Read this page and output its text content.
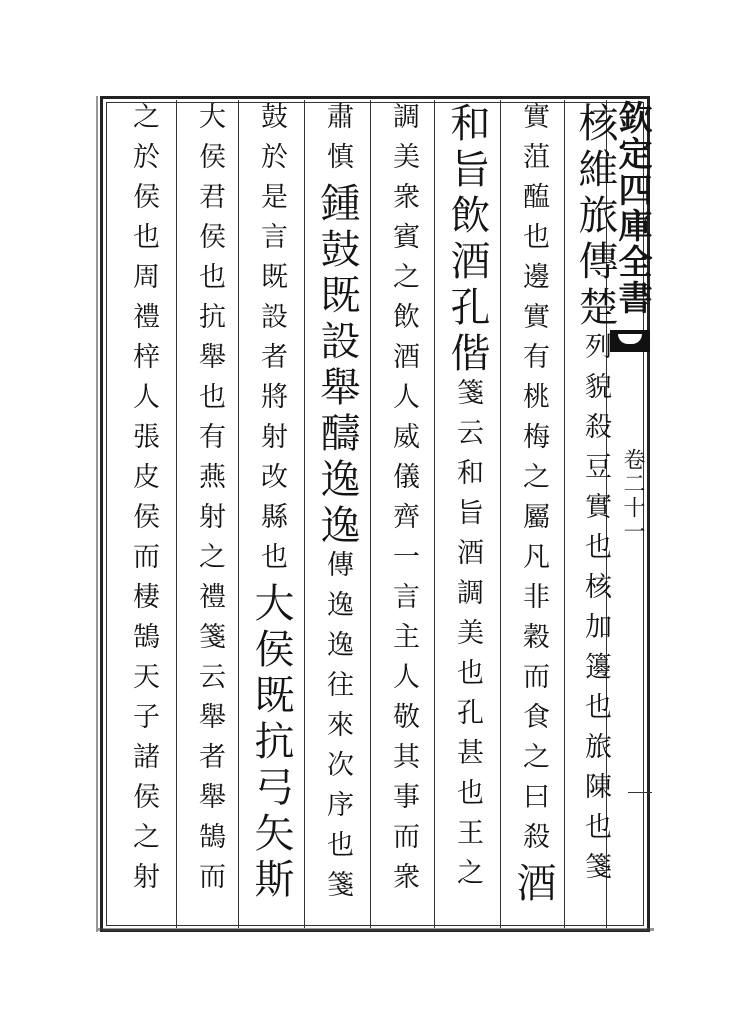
欽定四庫全書
卷二十一
核維旅傳楚列貌殺豆實也核加籩也旅陳也箋
實菹醢也邊實有桃梅之屬凡非穀而食之曰殺酒
和旨飲酒孔偕箋云和旨酒調美也孔甚也王之
調美衆賓之飲酒人威儀齊一言主人敬其事而衆
肅慎鍾鼓既設舉醻逸逸傳逸逸往來次序也箋
鼓於是言既設者將射改縣也大侯既抗弓矢斯
大侯君侯也抗舉也有燕射之禮箋云舉者舉鵠而
之於侯也周禮梓人張皮侯而棲鵠天子諸侯之射
